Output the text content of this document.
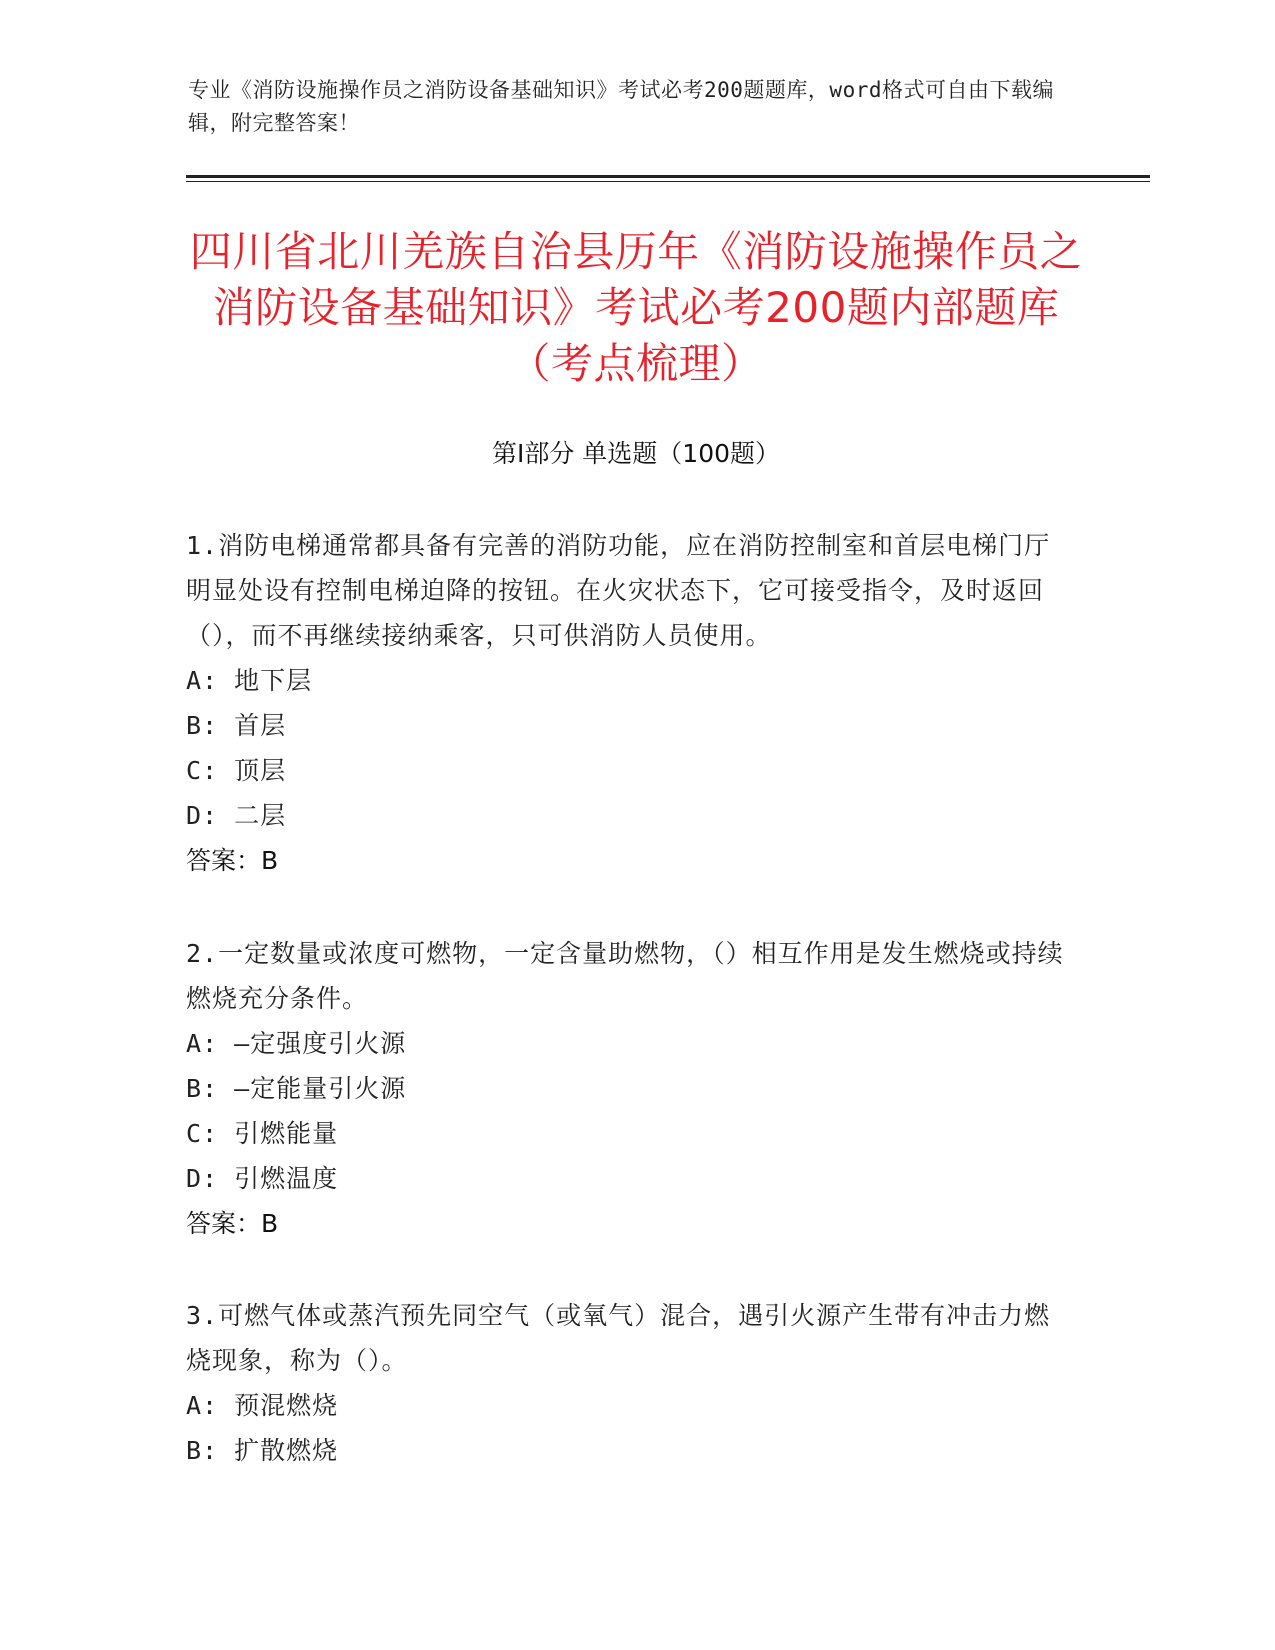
专业《消防设施操作员之消防设备基础知识》考试必考200题题库，word格式可自由下载编辑，附完整答案！
四川省北川羌族自治县历年《消防设施操作员之消防设备基础知识》考试必考200题内部题库（考点梳理）
第I部分 单选题（100题）
1.消防电梯通常都具备有完善的消防功能，应在消防控制室和首层电梯门厅明显处设有控制电梯迫降的按钮。在火灾状态下，它可接受指令，及时返回（），而不再继续接纳乘客，只可供消防人员使用。
A: 地下层
B: 首层
C: 顶层
D: 二层
答案：B
2.一定数量或浓度可燃物，一定含量助燃物，（）相互作用是发生燃烧或持续燃烧充分条件。
A: —定强度引火源
B: —定能量引火源
C: 引燃能量
D: 引燃温度
答案：B
3.可燃气体或蒸汽预先同空气（或氧气）混合，遇引火源产生带有冲击力燃烧现象，称为（）。
A: 预混燃烧
B: 扩散燃烧
